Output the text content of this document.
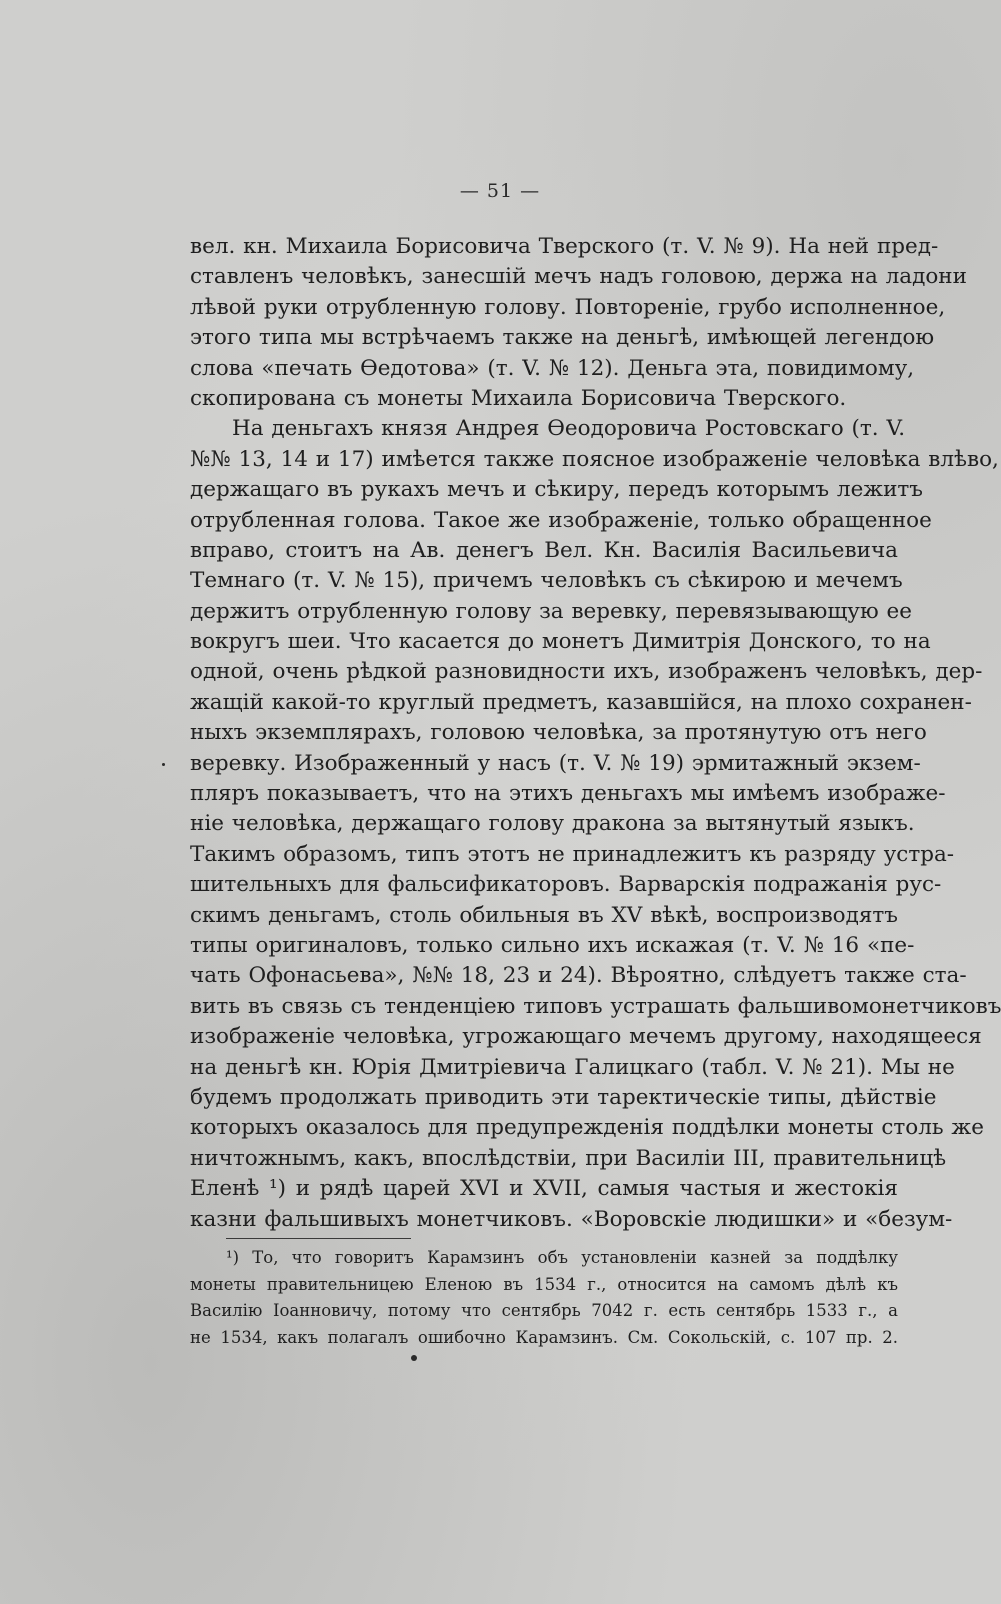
— 51 —
вел. кн. Михаила Борисовича Тверского (т. V. № 9). На ней пред-
ставленъ человѣкъ, занесшій мечъ надъ головою, держа на ладони
лѣвой руки отрубленную голову. Повтореніе, грубо исполненное,
этого типа мы встрѣчаемъ также на деньгѣ, имѣющей легендою
слова «печать Ѳедотова» (т. V. № 12). Деньга эта, повидимому,
скопирована съ монеты Михаила Борисовича Тверского.
На деньгахъ князя Андрея Ѳеодоровича Ростовскаго (т. V.
№№ 13, 14 и 17) имѣется также поясное изображеніе человѣка влѣво,
держащаго въ рукахъ мечъ и сѣкиру, передъ которымъ лежитъ
отрубленная голова. Такое же изображеніе, только обращенное
вправо, стоитъ на Ав. денегъ Вел. Кн. Василія Васильевича
Темнаго (т. V. № 15), причемъ человѣкъ съ сѣкирою и мечемъ
держитъ отрубленную голову за веревку, перевязывающую ее
вокругъ шеи. Что касается до монетъ Димитрія Донского, то на
одной, очень рѣдкой разновидности ихъ, изображенъ человѣкъ, дер-
жащій какой-то круглый предметъ, казавшійся, на плохо сохранен-
ныхъ экземплярахъ, головою человѣка, за протянутую отъ него
веревку. Изображенный у насъ (т. V. № 19) эрмитажный экзем-
пляръ показываетъ, что на этихъ деньгахъ мы имѣемъ изображе-
ніе человѣка, держащаго голову дракона за вытянутый языкъ.
Такимъ образомъ, типъ этотъ не принадлежитъ къ разряду устра-
шительныхъ для фальсификаторовъ. Варварскія подражанія рус-
скимъ деньгамъ, столь обильныя въ XV вѣкѣ, воспроизводятъ
типы оригиналовъ, только сильно ихъ искажая (т. V. № 16 «пе-
чать Офонасьева», №№ 18, 23 и 24). Вѣроятно, слѣдуетъ также ста-
вить въ связь съ тенденціею типовъ устрашать фальшивомонетчиковъ
изображеніе человѣка, угрожающаго мечемъ другому, находящееся
на деньгѣ кн. Юрія Дмитріевича Галицкаго (табл. V. № 21). Мы не
будемъ продолжать приводить эти таректическіе типы, дѣйствіе
которыхъ оказалось для предупрежденія поддѣлки монеты столь же
ничтожнымъ, какъ, впослѣдствіи, при Василіи III, правительницѣ
Еленѣ ¹) и рядѣ царей XVI и XVII, самыя частыя и жестокія
казни фальшивыхъ монетчиковъ. «Воровскіе людишки» и «безум-
¹) То, что говоритъ Карамзинъ объ установленіи казней за поддѣлку
монеты правительницею Еленою въ 1534 г., относится на самомъ дѣлѣ къ
Василію Іоанновичу, потому что сентябрь 7042 г. есть сентябрь 1533 г., а
не 1534, какъ полагалъ ошибочно Карамзинъ. См. Сокольскій, с. 107 пр. 2.
